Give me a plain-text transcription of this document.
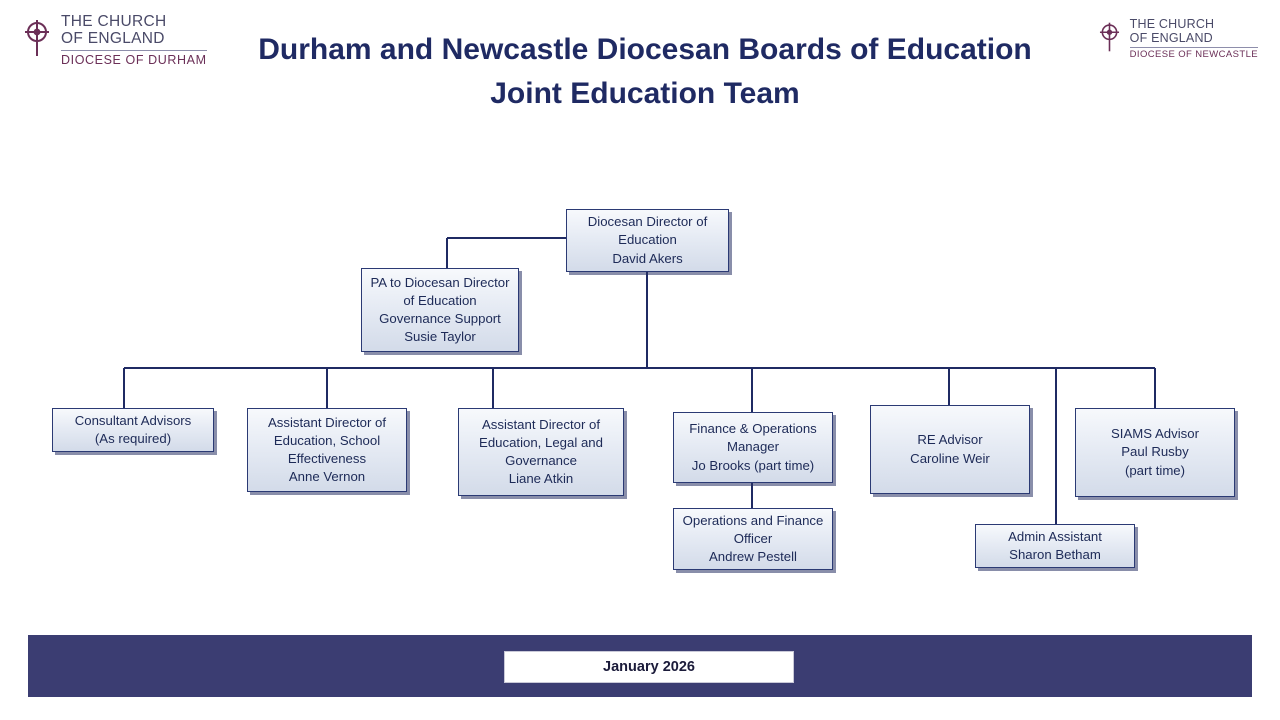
THE CHURCH
OF ENGLAND
DIOCESE OF DURHAM
THE CHURCH
OF ENGLAND
DIOCESE OF NEWCASTLE
Durham and Newcastle Diocesan Boards of Education
Joint Education Team
Diocesan Director of Education
David Akers
PA to Diocesan Director of Education Governance Support
Susie Taylor
Consultant Advisors
(As required)
Assistant Director of Education, School Effectiveness
Anne Vernon
Assistant Director of Education, Legal and Governance
Liane Atkin
Finance & Operations Manager
Jo Brooks (part time)
RE Advisor
Caroline Weir
SIAMS Advisor
Paul Rusby
(part time)
Operations and Finance Officer
Andrew Pestell
Admin Assistant
Sharon Betham
January 2026
